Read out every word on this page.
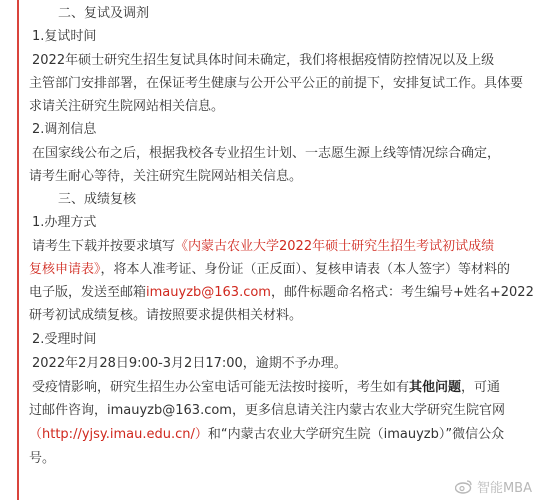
二、复试及调剂
1.复试时间
2022年硕士研究生招生复试具体时间未确定，我们将根据疫情防控情况以及上级
主管部门安排部署，在保证考生健康与公开公平公正的前提下，安排复试工作。具体要
求请关注研究生院网站相关信息。
2.调剂信息
在国家线公布之后，根据我校各专业招生计划、一志愿生源上线等情况综合确定，
请考生耐心等待，关注研究生院网站相关信息。
三、成绩复核
1.办理方式
请考生下载并按要求填写《内蒙古农业大学2022年硕士研究生招生考试初试成绩
复核申请表》，将本人准考证、身份证（正反面）、复核申请表（本人签字）等材料的
电子版，发送至邮箱imauyzb@163.com，邮件标题命名格式：考生编号+姓名+2022
研考初试成绩复核。请按照要求提供相关材料。
2.受理时间
2022年2月28日9:00-3月2日17:00，逾期不予办理。
受疫情影响，研究生招生办公室电话可能无法按时接听，考生如有其他问题，可通
过邮件咨询，imauyzb@163.com，更多信息请关注内蒙古农业大学研究生院官网
（http://yjsy.imau.edu.cn/）和“内蒙古农业大学研究生院（imauyzb）”微信公众
号。
智能MBA
